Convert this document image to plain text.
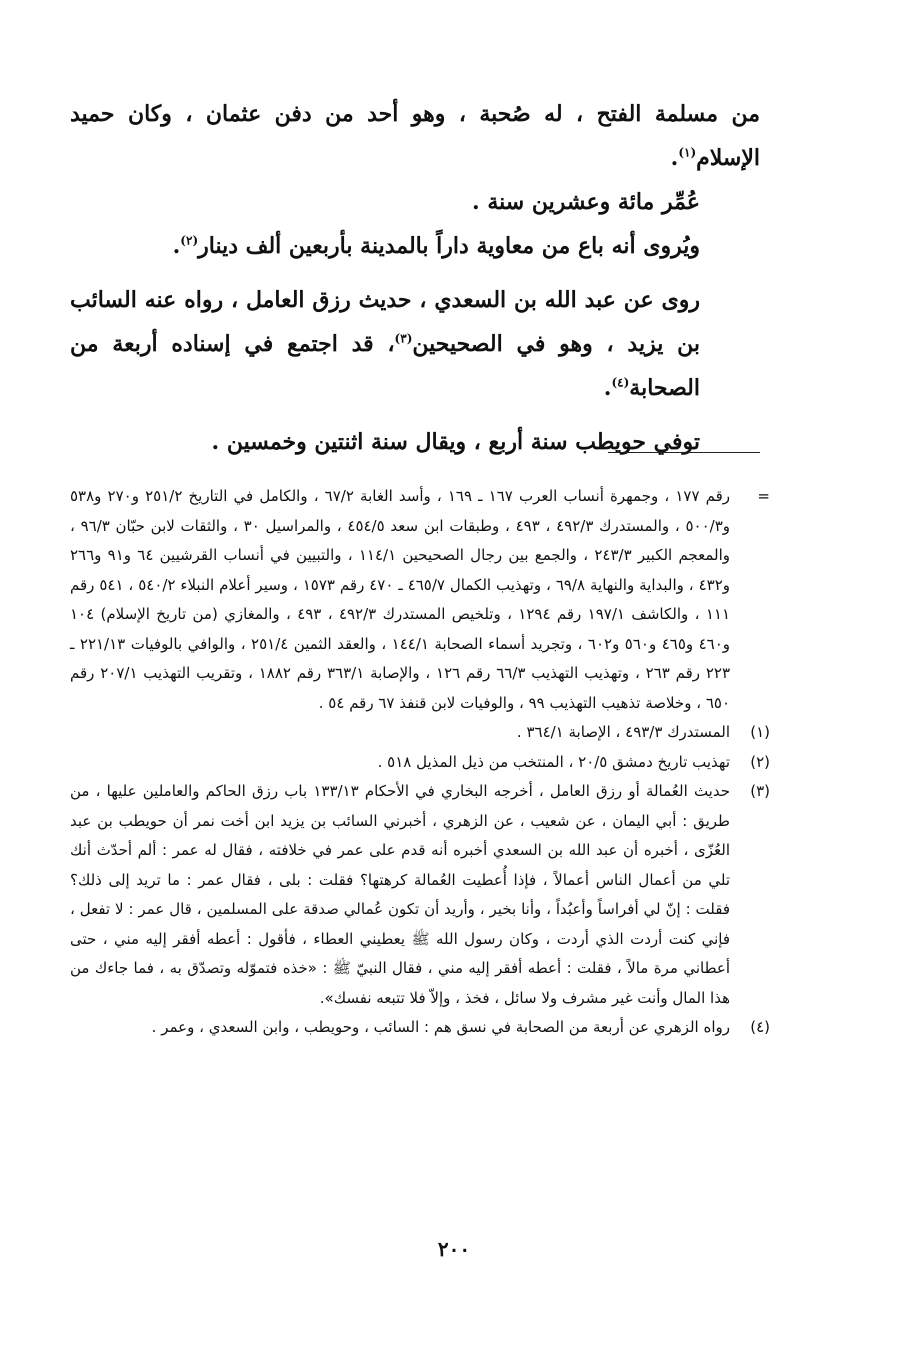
من مسلمة الفتح ، له صُحبة ، وهو أحد من دفن عثمان ، وكان حميد الإسلام$^{(١)}$.

عُمِّر مائة وعشرين سنة .

ويُروى أنه باع من معاوية داراً بالمدينة بأربعين ألف دينار$^{(٢)}$.

روى عن عبد الله بن السعدي ، حديث رزق العامل ، رواه عنه السائب بن يزيد ، وهو في الصحيحين$^{(٣)}$، قد اجتمع في إسناده أربعة من الصحابة$^{(٤)}$.

توفي حويطب سنة أربع ، ويقال سنة اثنتين وخمسين .

=
رقم ١٧٧ ، وجمهرة أنساب العرب ١٦٧ ـ ١٦٩ ، وأسد الغابة ٦٧/٢ ، والكامل في التاريخ ٢٥١/٢ و٢٧٠ و٥٣٨ و٥٠٠/٣ ، والمستدرك ٤٩٢/٣ ، ٤٩٣ ، وطبقات ابن سعد ٤٥٤/٥ ، والمراسيل ٣٠ ، والثقات لابن حبّان ٩٦/٣ ، والمعجم الكبير ٢٤٣/٣ ، والجمع بين رجال الصحيحين ١١٤/١ ، والتبيين في أنساب القرشيين ٦٤ و٩١ و٢٦٦ و٤٣٢ ، والبداية والنهاية ٦٩/٨ ، وتهذيب الكمال ٤٦٥/٧ ـ ٤٧٠ رقم ١٥٧٣ ، وسير أعلام النبلاء ٥٤٠/٢ ، ٥٤١ رقم ١١١ ، والكاشف ١٩٧/١ رقم ١٢٩٤ ، وتلخيص المستدرك ٤٩٢/٣ ، ٤٩٣ ، والمغازي (من تاريخ الإسلام) ١٠٤ و٤٦٠ و٤٦٥ و٥٦٠ و٦٠٢ ، وتجريد أسماء الصحابة ١٤٤/١ ، والعقد الثمين ٢٥١/٤ ، والوافي بالوفيات ٢٢١/١٣ ـ ٢٢٣ رقم ٢٦٣ ، وتهذيب التهذيب ٦٦/٣ رقم ١٢٦ ، والإصابة ٣٦٣/١ رقم ١٨٨٢ ، وتقريب التهذيب ٢٠٧/١ رقم ٦٥٠ ، وخلاصة تذهيب التهذيب ٩٩ ، والوفيات لابن قنفذ ٦٧ رقم ٥٤ .
(١)
المستدرك ٤٩٣/٣ ، الإصابة ٣٦٤/١ .
(٢)
تهذيب تاريخ دمشق ٢٠/٥ ، المنتخب من ذيل المذيل ٥١٨ .
(٣)
حديث العُمالة أو رزق العامل ، أخرجه البخاري في الأحكام ١٣٣/١٣ باب رزق الحاكم والعاملين عليها ، من طريق : أبي اليمان ، عن شعيب ، عن الزهري ، أخبرني السائب بن يزيد ابن أخت نمر أن حويطب بن عبد العُزّى ، أخبره أن عبد الله بن السعدي أخبره أنه قدم على عمر في خلافته ، فقال له عمر : ألم أحدّث أنك تلي من أعمال الناس أعمالاً ، فإذا أُعطيت العُمالة كرهتها؟ فقلت : بلى ، فقال عمر : ما تريد إلى ذلك؟ فقلت : إنّ لي أفراساً وأعبُداً ، وأنا بخير ، وأريد أن تكون عُمالي صدقة على المسلمين ، قال عمر : لا تفعل ، فإني كنت أردت الذي أردت ، وكان رسول الله ﷺ يعطيني العطاء ، فأقول : أعطه أفقر إليه مني ، حتى أعطاني مرة مالاً ، فقلت : أعطه أفقر إليه مني ، فقال النبيّ ﷺ : «خذه فتموّله وتصدّق به ، فما جاءك من هذا المال وأنت غير مشرف ولا سائل ، فخذ ، وإلاّ فلا تتبعه نفسك».
(٤)
رواه الزهري عن أربعة من الصحابة في نسق هم : السائب ، وحويطب ، وابن السعدي ، وعمر .
٢٠٠
